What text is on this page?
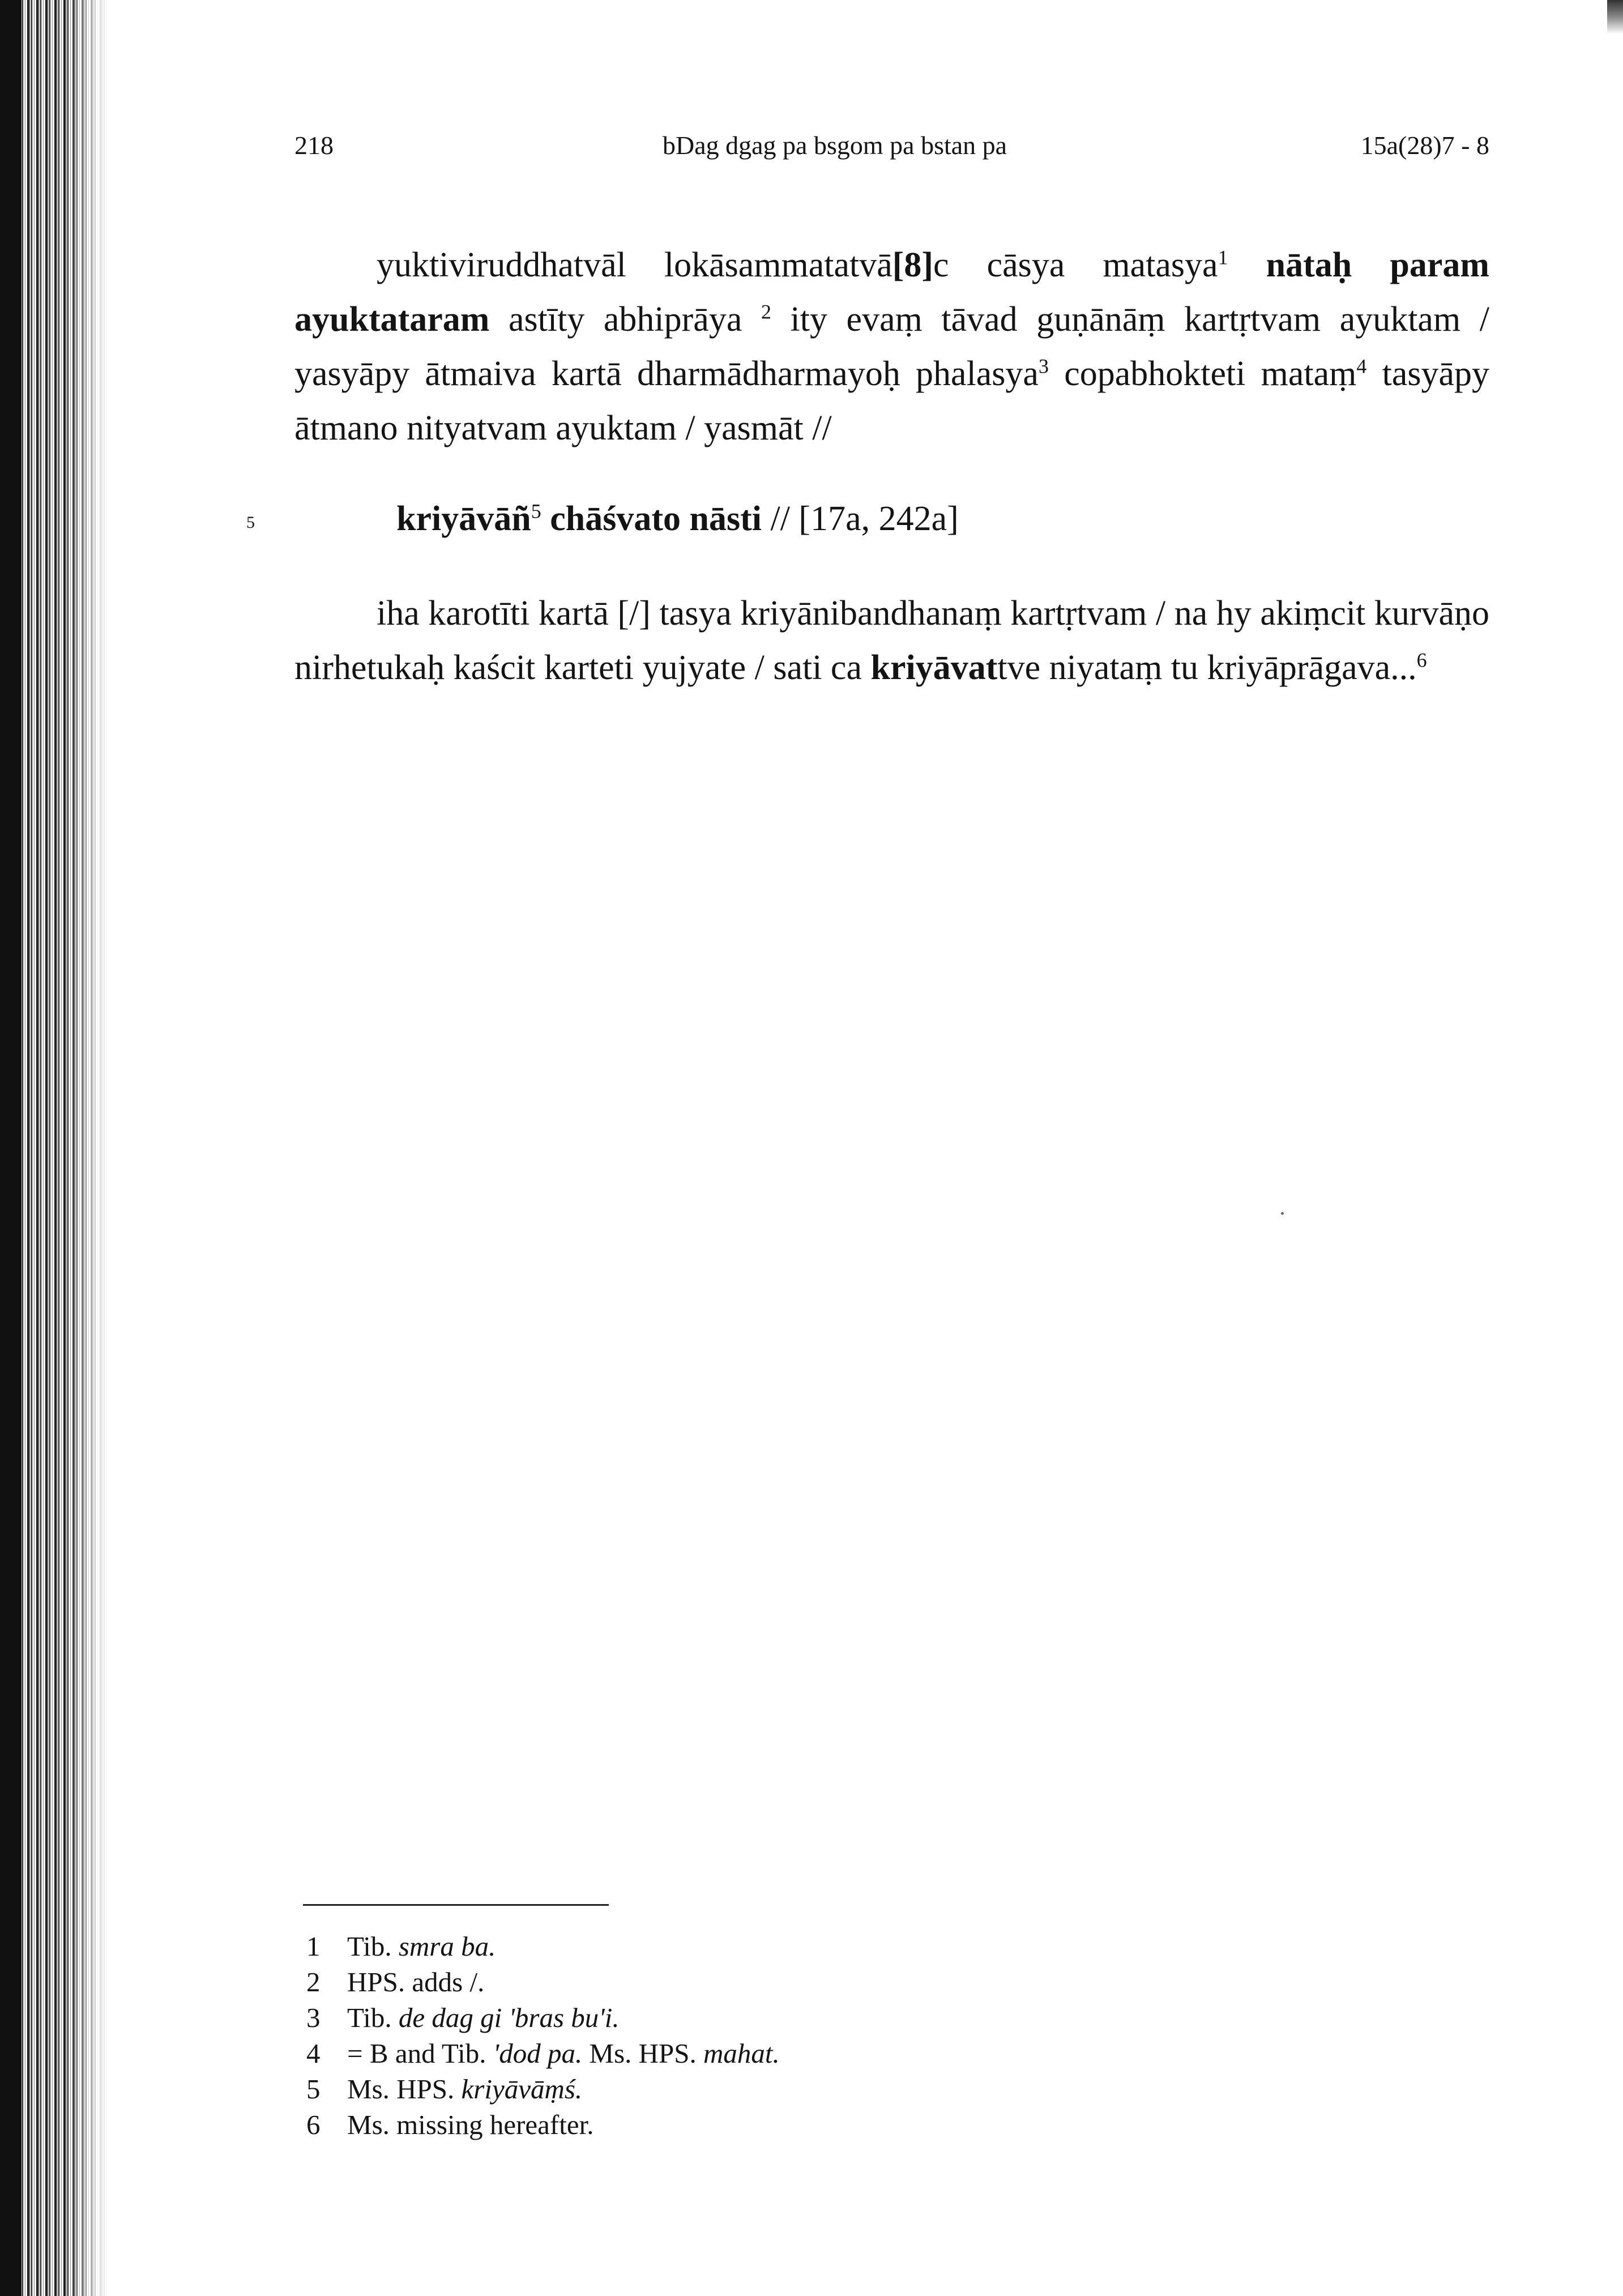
218	bDag dgag pa bsgom pa bstan pa	15a(28)7 - 8
5

yuktiviruddhatvāl lokāsammatatvā[8]c cāsya matasya$^1$ nātaḥ param ayuktataram astīty abhiprāya $^2$ ity evaṃ tāvad guṇānāṃ kartṛtvam ayuktam / yasyāpy ātmaiva kartā dharmādharmayoḥ phalasya$^3$ copabhokteti mataṃ$^4$ tasyāpy ātmano nityatvam ayuktam / yasmāt //

kriyāvāñ$^5$ chāśvato nāsti // [17a, 242a]

iha karotīti kartā [/] tasya kriyānibandhanaṃ kartṛtvam / na hy akiṃcit kurvāṇo nirhetukaḥ kaścit karteti yujyate / sati ca kriyāvattve niyataṃ tu kriyāprāgava...$^6$

1 Tib. smra ba.
2 HPS. adds /.
3 Tib. de dag gi 'bras bu'i.
4 = B and Tib. 'dod pa. Ms. HPS. mahat.
5 Ms. HPS. kriyāvāṃś.
6 Ms. missing hereafter.
